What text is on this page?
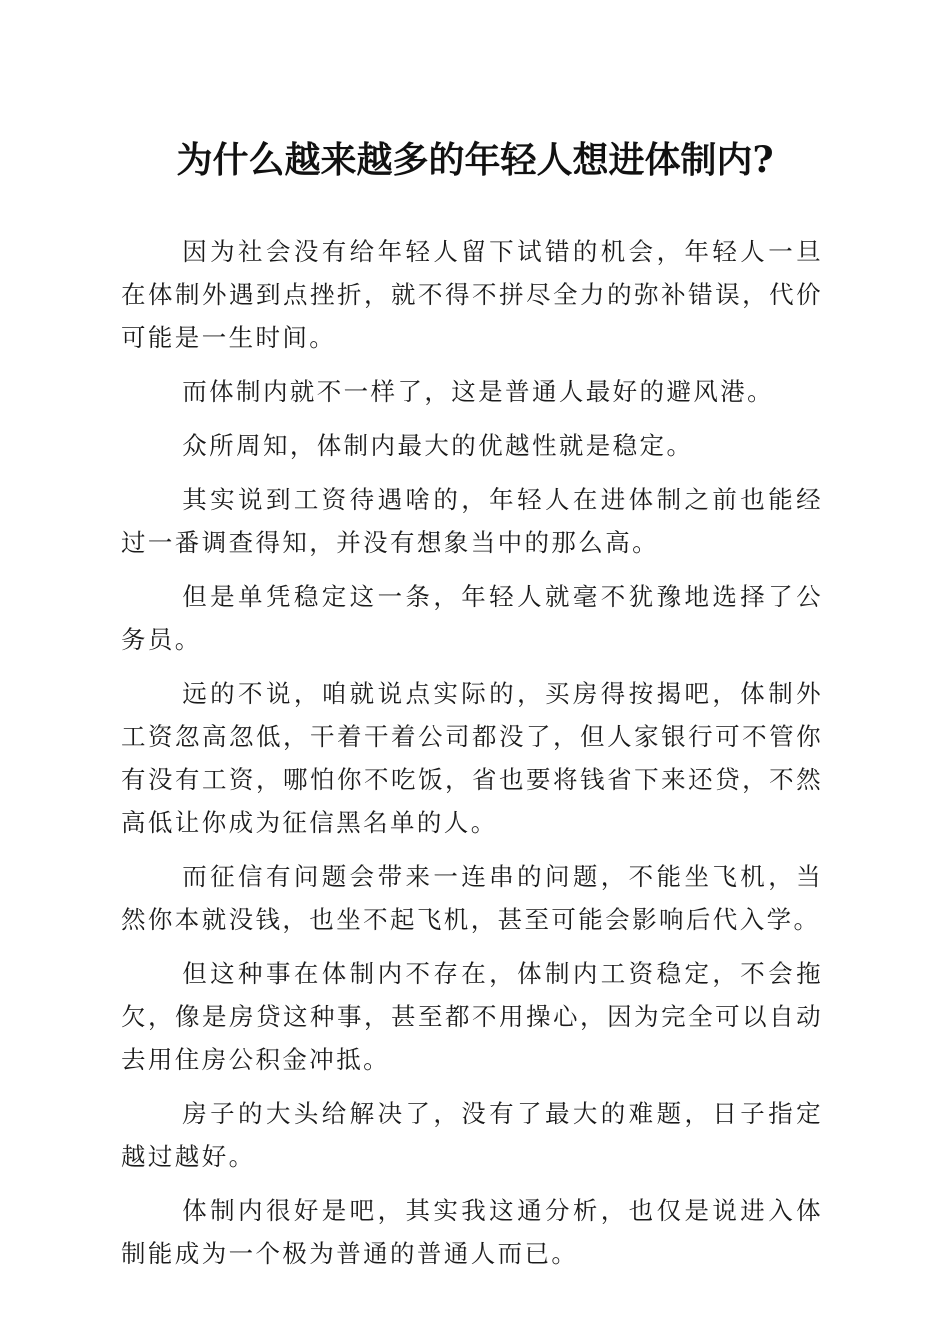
为什么越来越多的年轻人想进体制内?

因为社会没有给年轻人留下试错的机会，年轻人一旦在体制外遇到点挫折，就不得不拼尽全力的弥补错误，代价可能是一生时间。

而体制内就不一样了，这是普通人最好的避风港。

众所周知，体制内最大的优越性就是稳定。

其实说到工资待遇啥的，年轻人在进体制之前也能经过一番调查得知，并没有想象当中的那么高。

但是单凭稳定这一条，年轻人就毫不犹豫地选择了公务员。

远的不说，咱就说点实际的，买房得按揭吧，体制外工资忽高忽低，干着干着公司都没了，但人家银行可不管你有没有工资，哪怕你不吃饭，省也要将钱省下来还贷，不然高低让你成为征信黑名单的人。

而征信有问题会带来一连串的问题，不能坐飞机，当然你本就没钱，也坐不起飞机，甚至可能会影响后代入学。

但这种事在体制内不存在，体制内工资稳定，不会拖欠，像是房贷这种事，甚至都不用操心，因为完全可以自动去用住房公积金冲抵。

房子的大头给解决了，没有了最大的难题，日子指定越过越好。

体制内很好是吧，其实我这通分析，也仅是说进入体制能成为一个极为普通的普通人而已。
